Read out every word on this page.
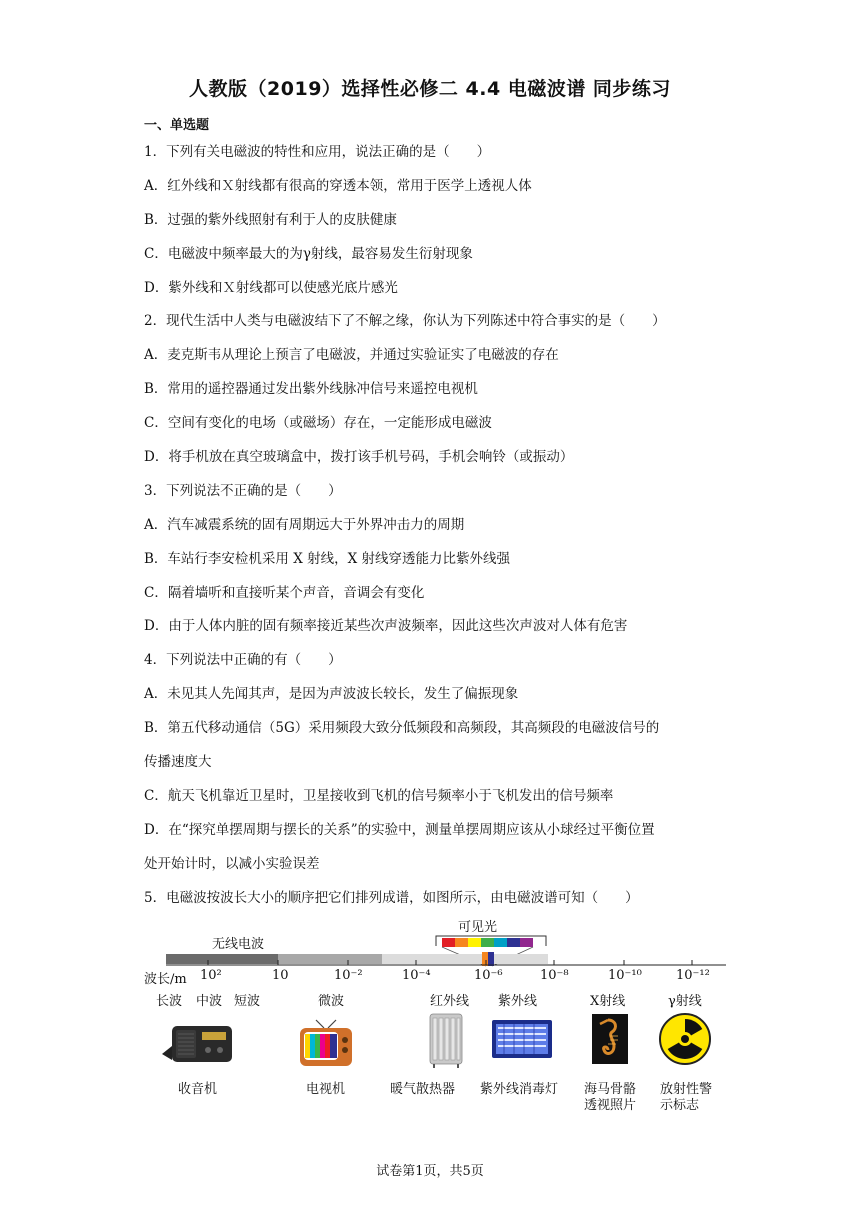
人教版（2019）选择性必修二 4.4 电磁波谱 同步练习
一、单选题
1．下列有关电磁波的特性和应用，说法正确的是（　　）
A．红外线和Ｘ射线都有很高的穿透本领，常用于医学上透视人体
B．过强的紫外线照射有利于人的皮肤健康
C．电磁波中频率最大的为γ射线，最容易发生衍射现象
D．紫外线和Ｘ射线都可以使感光底片感光
2．现代生活中人类与电磁波结下了不解之缘，你认为下列陈述中符合事实的是（　　）
A．麦克斯韦从理论上预言了电磁波，并通过实验证实了电磁波的存在
B．常用的遥控器通过发出紫外线脉冲信号来遥控电视机
C．空间有变化的电场（或磁场）存在，一定能形成电磁波
D．将手机放在真空玻璃盒中，拨打该手机号码，手机会响铃（或振动）
3．下列说法不正确的是（　　）
A．汽车减震系统的固有周期远大于外界冲击力的周期
B．车站行李安检机采用 X 射线，X 射线穿透能力比紫外线强
C．隔着墙听和直接听某个声音，音调会有变化
D．由于人体内脏的固有频率接近某些次声波频率，因此这些次声波对人体有危害
4．下列说法中正确的有（　　）
A．未见其人先闻其声，是因为声波波长较长，发生了偏振现象
B．第五代移动通信（5G）采用频段大致分低频段和高频段，其高频段的电磁波信号的
传播速度大
C．航天飞机靠近卫星时，卫星接收到飞机的信号频率小于飞机发出的信号频率
D．在“探究单摆周期与摆长的关系”的实验中，测量单摆周期应该从小球经过平衡位置
处开始计时，以减小实验误差
5．电磁波按波长大小的顺序把它们排列成谱，如图所示，由电磁波谱可知（　　）
可见光
无线电波
波长/m 10²	10	10⁻²	10⁻⁴	10⁻⁶	10⁻⁸	10⁻¹⁰	10⁻¹²
长波 中波 短波	微波	红外线 紫外线	X射线	γ射线
收音机	电视机	暖气散热器 紫外线消毒灯 海马骨骼
透视照片
放射性警
示标志
试卷第1页，共5页
